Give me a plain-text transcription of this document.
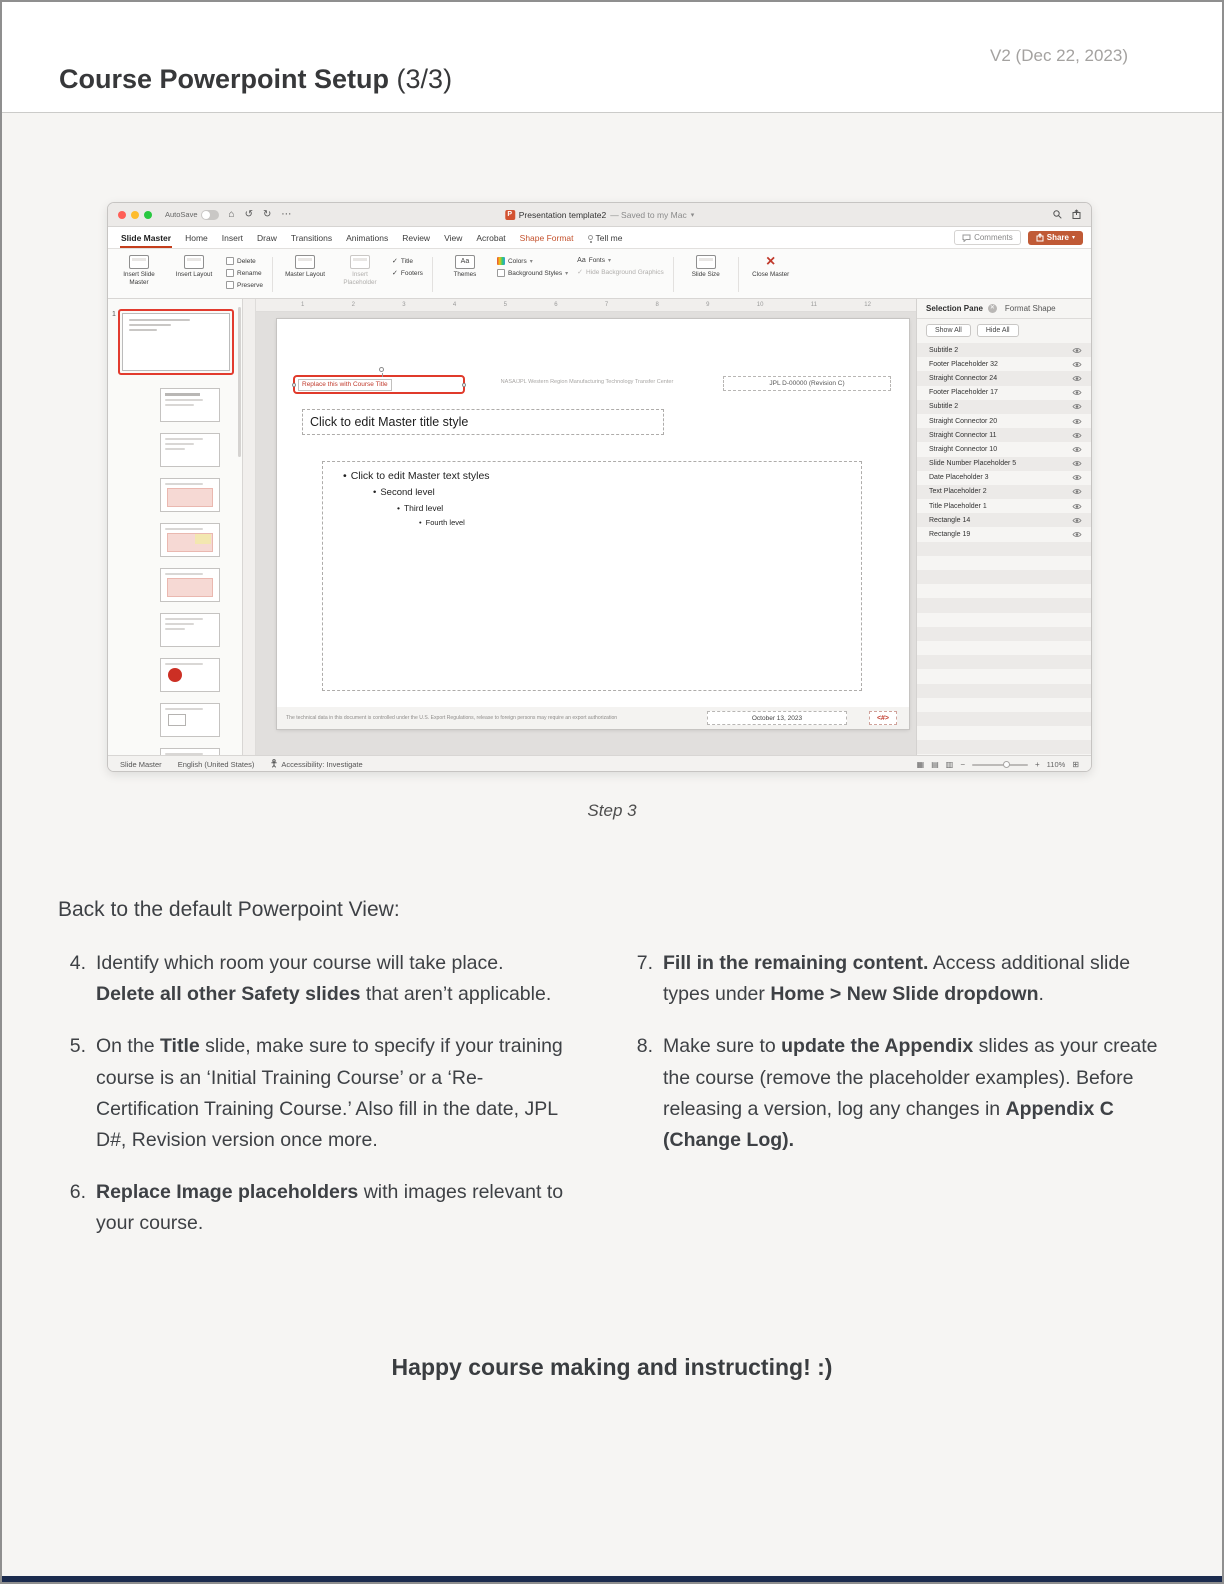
V2 (Dec 22, 2023)
Course Powerpoint Setup (3/3)
AutoSave	⌂ ↺ ↻ ⋯	P Presentation template2 — Saved to my Mac ▾
Slide Master Home Insert Draw Transitions Animations Review View Acrobat Shape Format	Tell me	Comments	Share ▾
Insert Slide Master
Insert Layout
Delete
Rename
Preserve
Master Layout	Insert Placeholder
✓ Title
✓ Footers
Aa	Themes
Colors ▾
Background Styles ▾
Aa Fonts ▾
✓ Hide Background Graphics	Slide Size
×
Close Master
1
1	2	3	4	5	6	7	8	9	10	11	12
Replace this with Course Title	NASA/JPL Western Region Manufacturing Technology Transfer Center	JPL D-00000 (Revision C)
Click to edit Master title style
• Click to edit Master text styles
• Second level
• Third level
• Fourth level
The technical data in this document is controlled under the U.S. Export Regulations, release to foreign persons may require an export authorization	October 13, 2023	<#>
Selection Pane	✕ Format Shape
Show All	Hide All
Subtitle 2
Footer Placeholder 32
Straight Connector 24
Footer Placeholder 17
Subtitle 2
Straight Connector 20
Straight Connector 11
Straight Connector 10
Slide Number Placeholder 5
Date Placeholder 3
Text Placeholder 2
Title Placeholder 1
Rectangle 14
Rectangle 19
Slide Master English (United States)	Accessibility: Investigate	▦ ▤ ▥ −	+ 110% ⊞
Step 3
Back to the default Powerpoint View:
4. Identify which room your course will take place. Delete all other Safety slides that aren’t applicable.
5. On the Title slide, make sure to specify if your training course is an ‘Initial Training Course’ or a ‘Re-Certification Training Course.’ Also fill in the date, JPL D#, Revision version once more.
6. Replace Image placeholders with images relevant to your course.
7. Fill in the remaining content. Access additional slide types under Home > New Slide dropdown.
8. Make sure to update the Appendix slides as your create the course (remove the placeholder examples). Before releasing a version, log any changes in Appendix C (Change Log).
Happy course making and instructing! :)
